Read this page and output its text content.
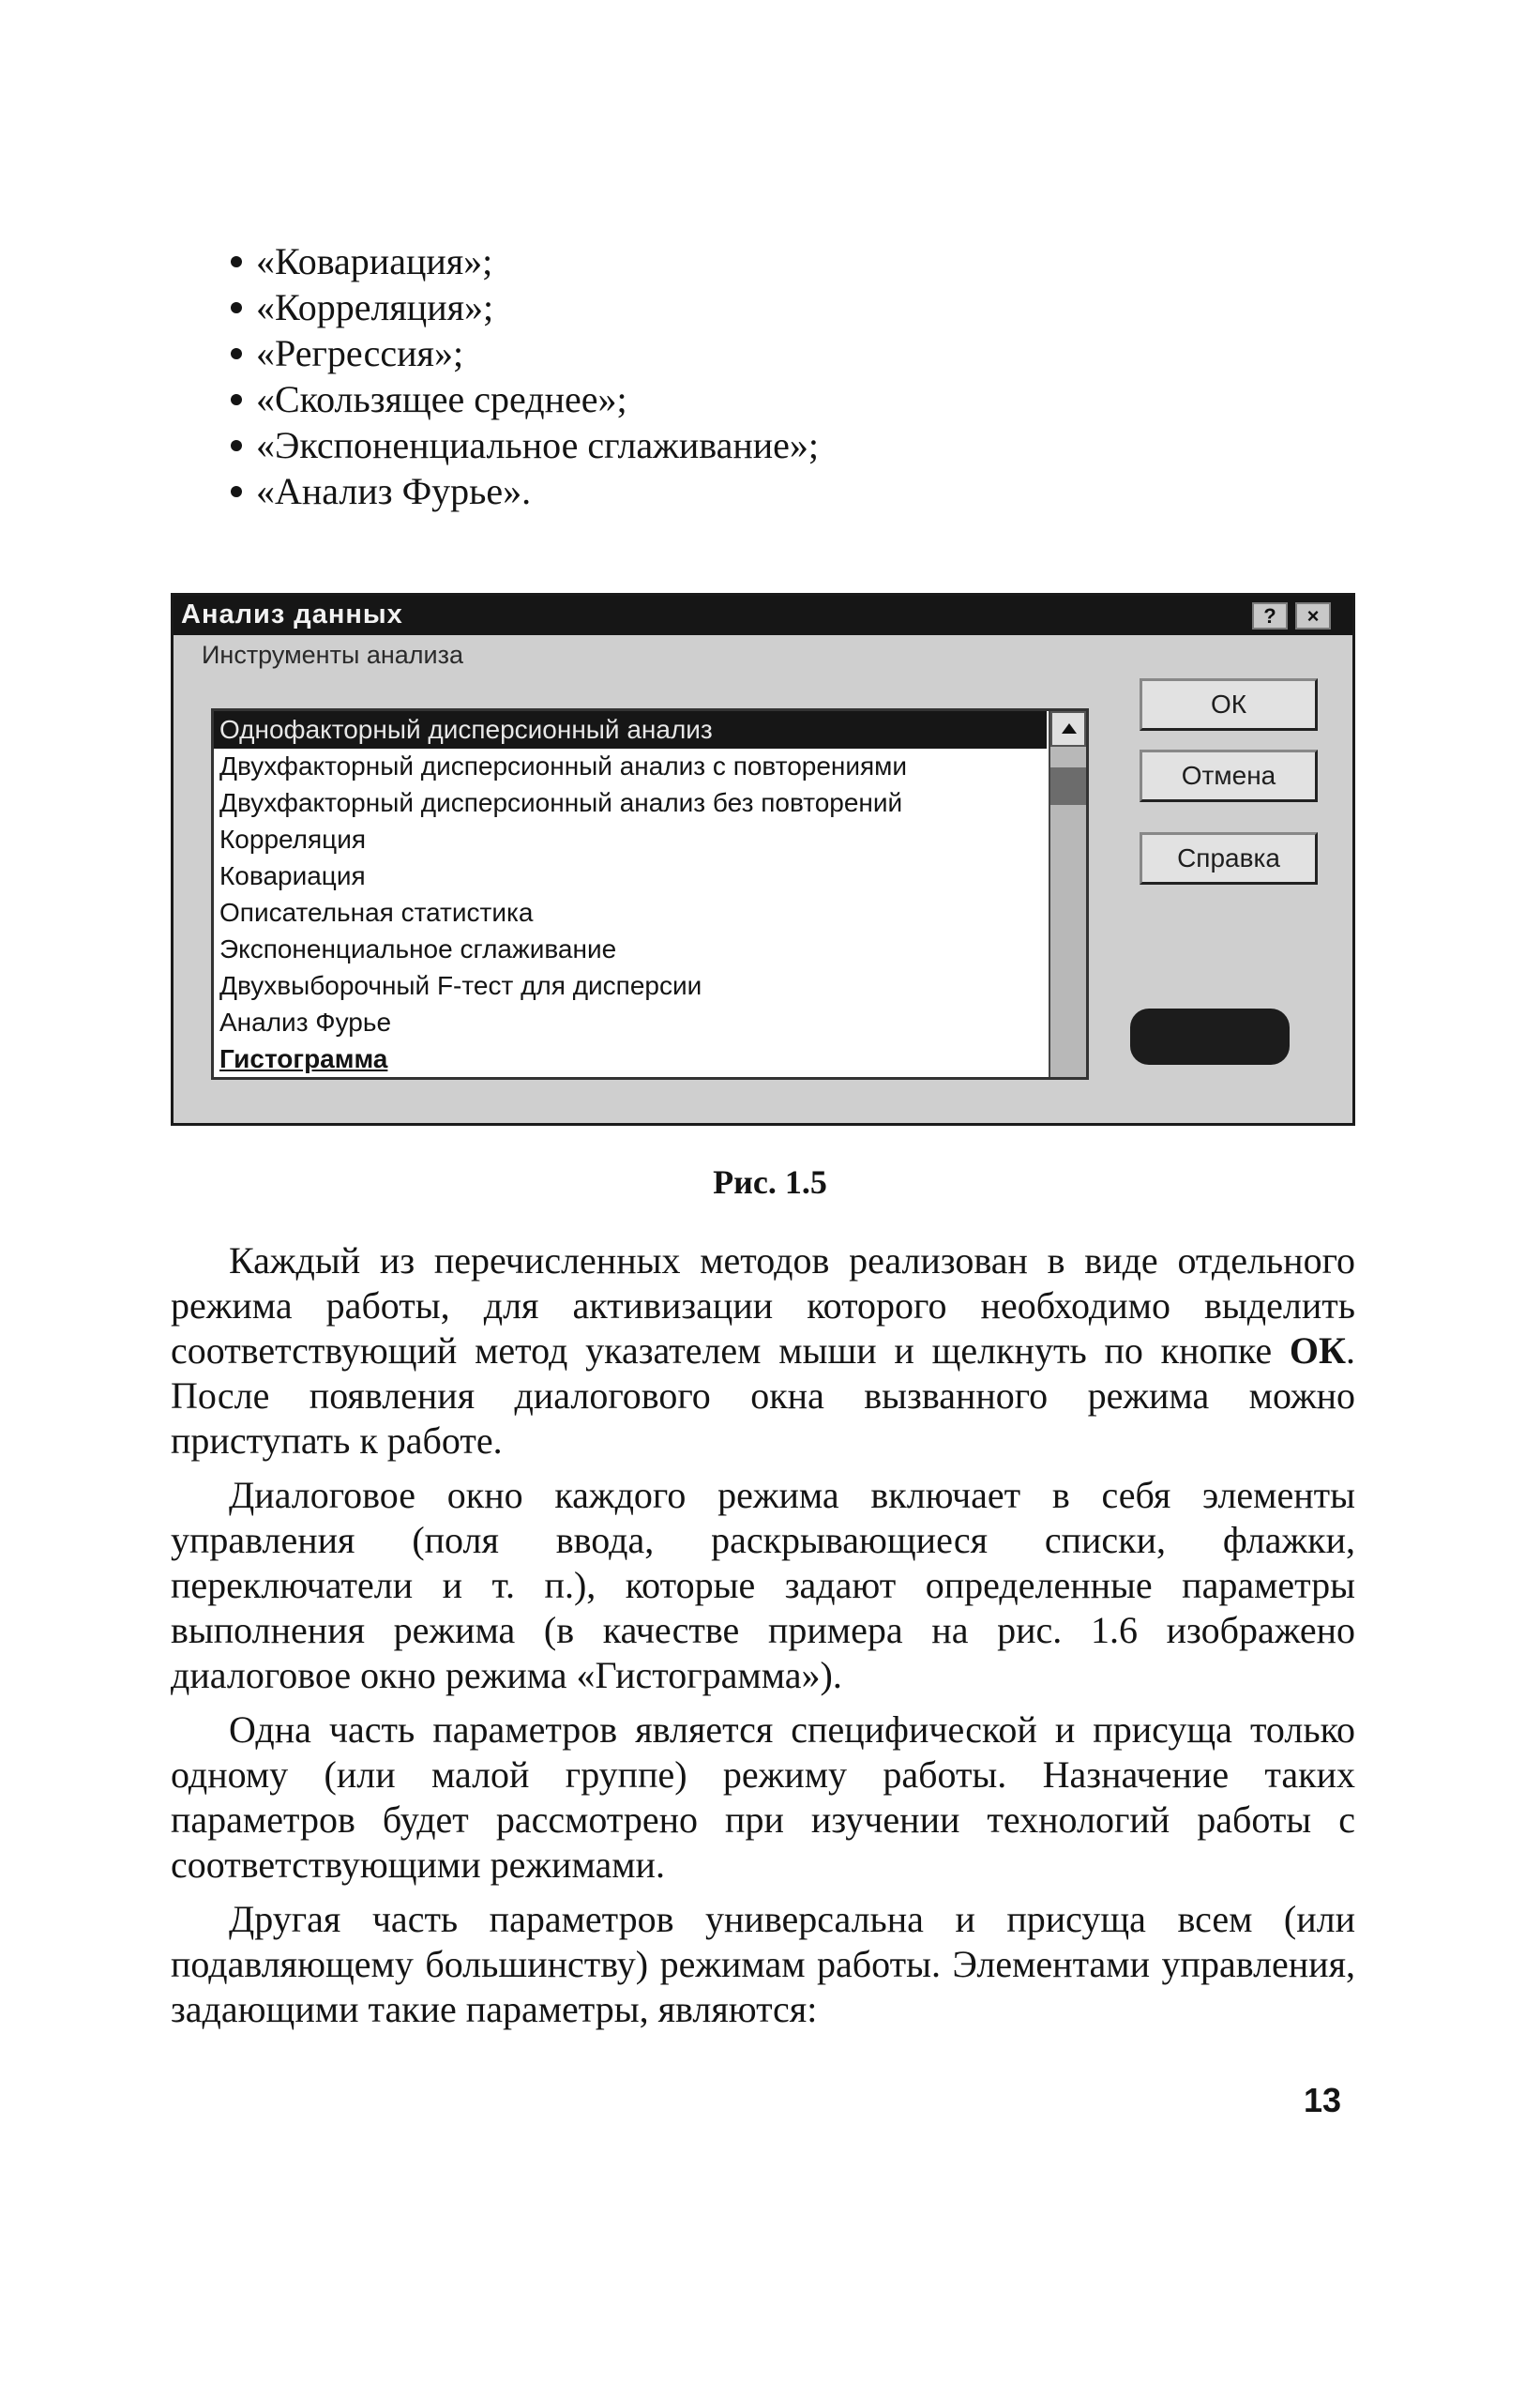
«Ковариация»;
«Корреляция»;
«Регрессия»;
«Скользящее среднее»;
«Экспоненциальное сглаживание»;
«Анализ Фурье».
Анализ данных	?	×
Инструменты анализа
Однофакторный дисперсионный анализ
Двухфакторный дисперсионный анализ с повторениями
Двухфакторный дисперсионный анализ без повторений
Корреляция
Ковариация
Описательная статистика
Экспоненциальное сглаживание
Двухвыборочный F-тест для дисперсии
Анализ Фурье
Гистограмма
ОК
Отмена
Справка
Рис. 1.5

Каждый из перечисленных методов реализован в виде отдельного режима работы, для активизации которого необходимо выделить соответствующий метод указателем мыши и щелкнуть по кнопке ОК. После появления диалогового окна вызванного режима можно приступать к работе.

Диалоговое окно каждого режима включает в себя элементы управления (поля ввода, раскрывающиеся списки, флажки, переключатели и т. п.), которые задают определенные параметры выполнения режима (в качестве примера на рис. 1.6 изображено диалоговое окно режима «Гистограмма»).

Одна часть параметров является специфической и присуща только одному (или малой группе) режиму работы. Назначение таких параметров будет рассмотрено при изучении технологий работы с соответствующими режимами.

Другая часть параметров универсальна и присуща всем (или подавляющему большинству) режимам работы. Элементами управления, задающими такие параметры, являются:

13
